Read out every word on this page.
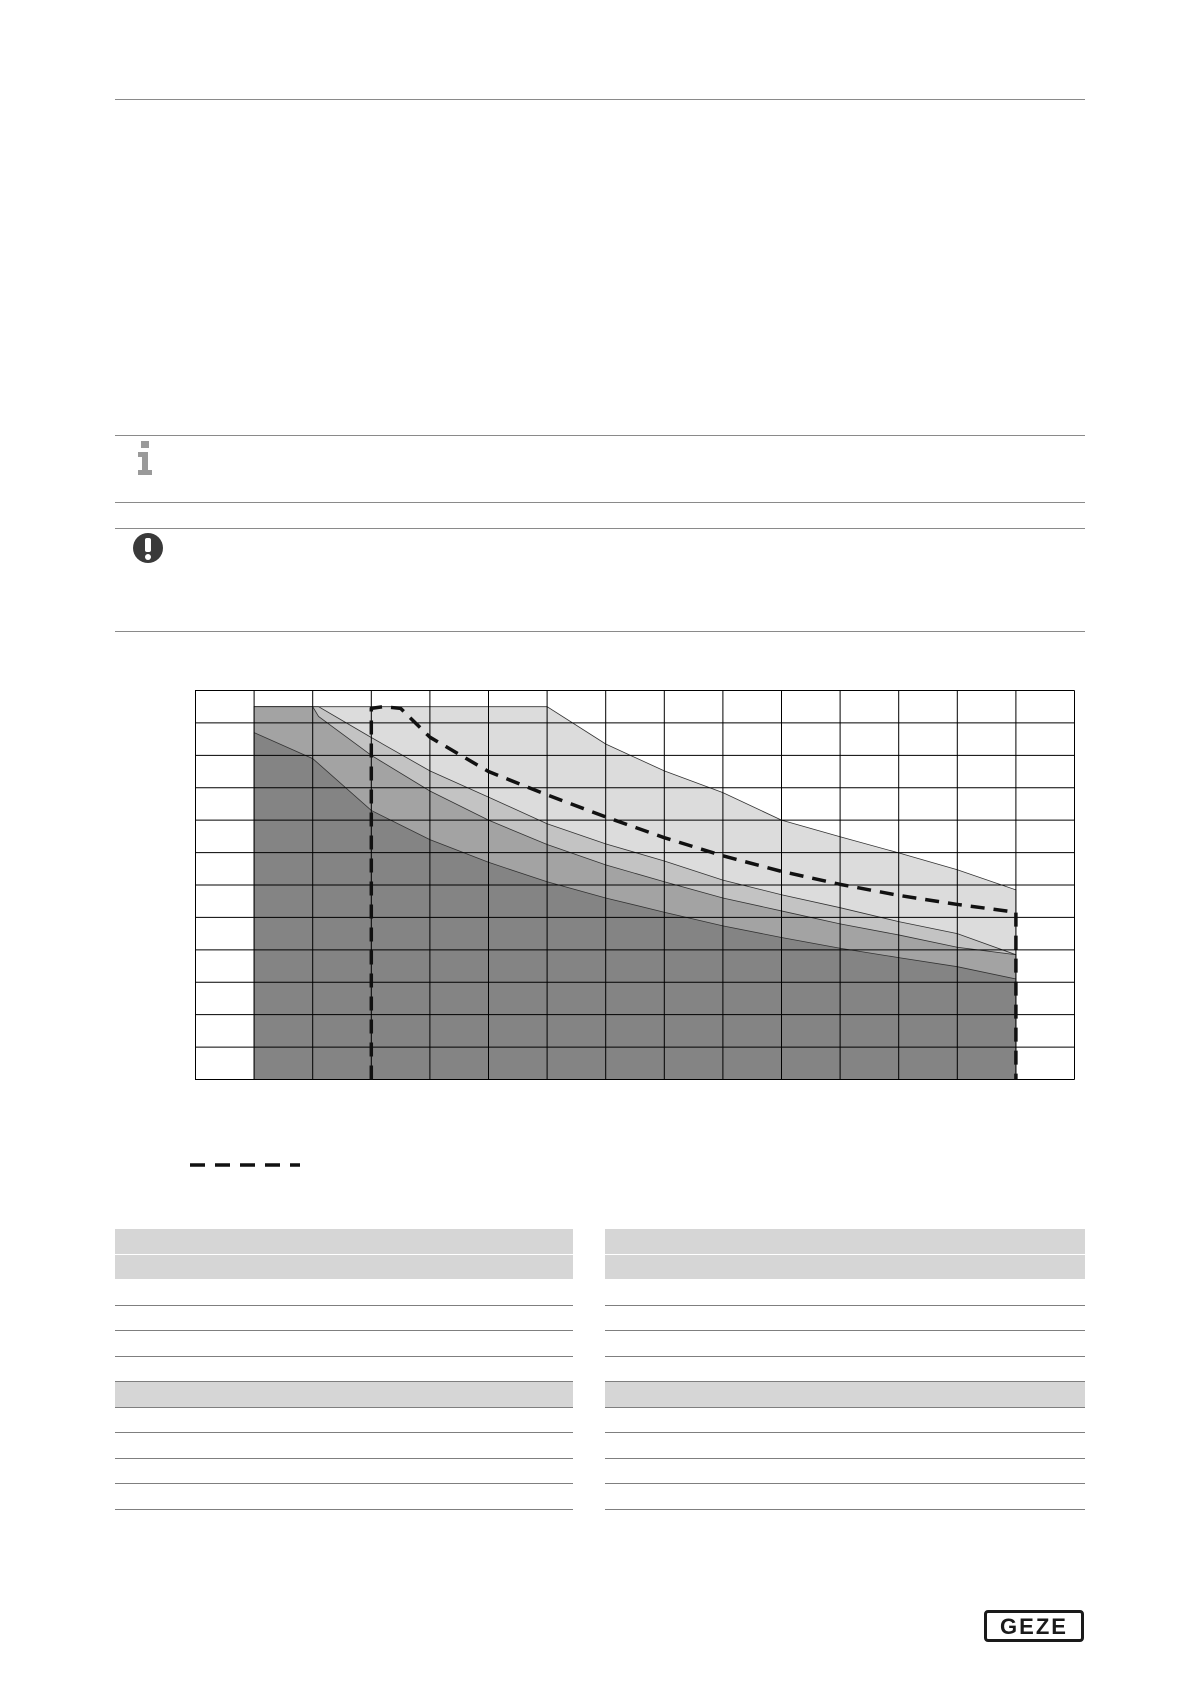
GEZE
